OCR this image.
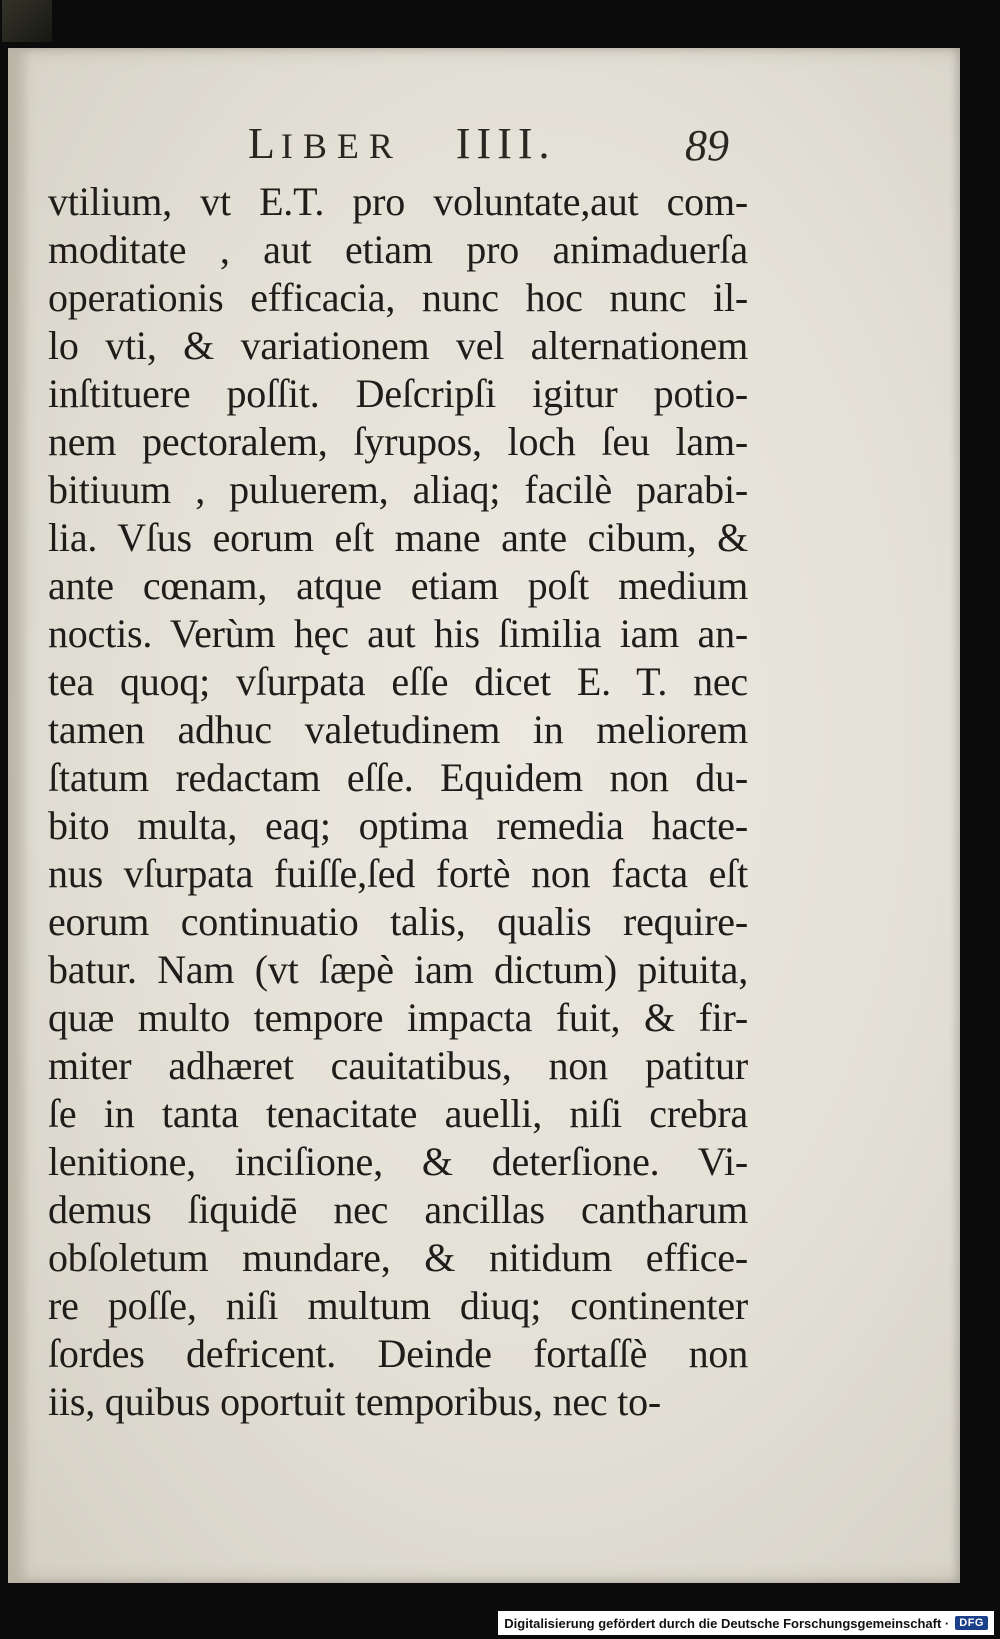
LIBER IIII.	89
vtilium, vt E.T. pro voluntate,aut com-
moditate , aut etiam pro animaduerſa
operationis efficacia, nunc hoc nunc il-
lo vti, & variationem vel alternationem
inſtituere poſſit. Deſcripſi igitur potio-
nem pectoralem, ſyrupos, loch ſeu lam-
bitiuum , puluerem, aliaq; facilè parabi-
lia. Vſus eorum eſt mane ante cibum, &
ante cœnam, atque etiam poſt medium
noctis. Verùm hęc aut his ſimilia iam an-
tea quoq; vſurpata eſſe dicet E. T. nec
tamen adhuc valetudinem in meliorem
ſtatum redactam eſſe. Equidem non du-
bito multa, eaq; optima remedia hacte-
nus vſurpata fuiſſe,ſed fortè non facta eſt
eorum continuatio talis, qualis require-
batur. Nam (vt ſæpè iam dictum) pituita,
quæ multo tempore impacta fuit, & fir-
miter adhæret cauitatibus, non patitur
ſe in tanta tenacitate auelli, niſi crebra
lenitione, inciſione, & deterſione. Vi-
demus ſiquidē nec ancillas cantharum
obſoletum mundare, & nitidum effice-
re poſſe, niſi multum diuq; continenter
ſordes defricent. Deinde fortaſſè non
iis, quibus oportuit temporibus, nec to-
Digitalisierung gefördert durch die Deutsche Forschungsgemeinschaft · DFG
